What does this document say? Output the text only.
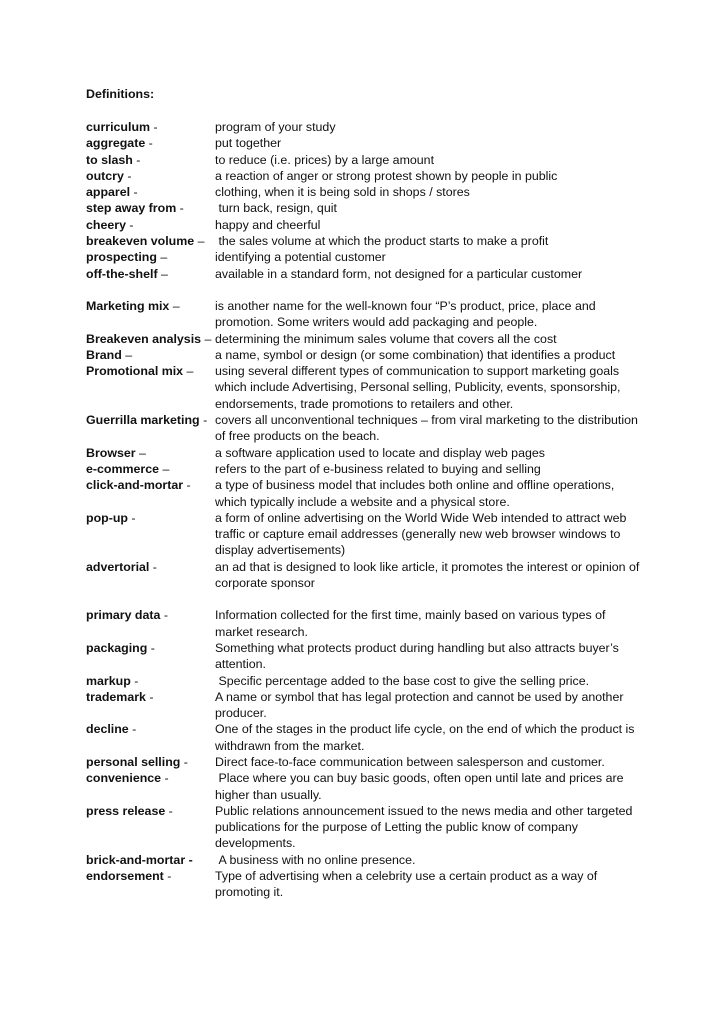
Definitions:
curriculum -	program of your study
aggregate -	put together
to slash -	to reduce (i.e. prices) by a large amount
outcry -	a reaction of anger or strong protest shown by people in public
apparel -	clothing, when it is being sold in shops / stores
step away from -	turn back, resign, quit
cheery -	happy and cheerful
breakeven volume – the sales volume at which the product starts to make a profit
prospecting –	identifying a potential customer
off-the-shelf –	available in a standard form, not designed for a particular customer
Marketing mix –	is another name for the well-known four “P’s product, price, place and promotion. Some writers would add packaging and people.
Breakeven analysis – determining the minimum sales volume that covers all the cost
Brand –	a name, symbol or design (or some combination) that identifies a product
Promotional mix –	using several different types of communication to support marketing goals which include Advertising, Personal selling, Publicity, events, sponsorship, endorsements, trade promotions to retailers and other.
Guerrilla marketing - covers all unconventional techniques – from viral marketing to the distribution of free products on the beach.
Browser –	a software application used to locate and display web pages
e-commerce –	refers to the part of e-business related to buying and selling
click-and-mortar -	a type of business model that includes both online and offline operations, which typically include a website and a physical store.
pop-up -	a form of online advertising on the World Wide Web intended to attract web traffic or capture email addresses (generally new web browser windows to display advertisements)
advertorial -	an ad that is designed to look like article, it promotes the interest or opinion of corporate sponsor
primary data -	Information collected for the first time, mainly based on various types of market research.
packaging -	Something what protects product during handling but also attracts buyer’s attention.
markup -	Specific percentage added to the base cost to give the selling price.
trademark -	A name or symbol that has legal protection and cannot be used by another producer.
decline -	One of the stages in the product life cycle, on the end of which the product is withdrawn from the market.
personal selling -	Direct face-to-face communication between salesperson and customer.
convenience -	Place where you can buy basic goods, often open until late and prices are higher than usually.
press release -	Public relations announcement issued to the news media and other targeted publications for the purpose of Letting the public know of company developments.
brick-and-mortar -	A business with no online presence.
endorsement -	Type of advertising when a celebrity use a certain product as a way of promoting it.
